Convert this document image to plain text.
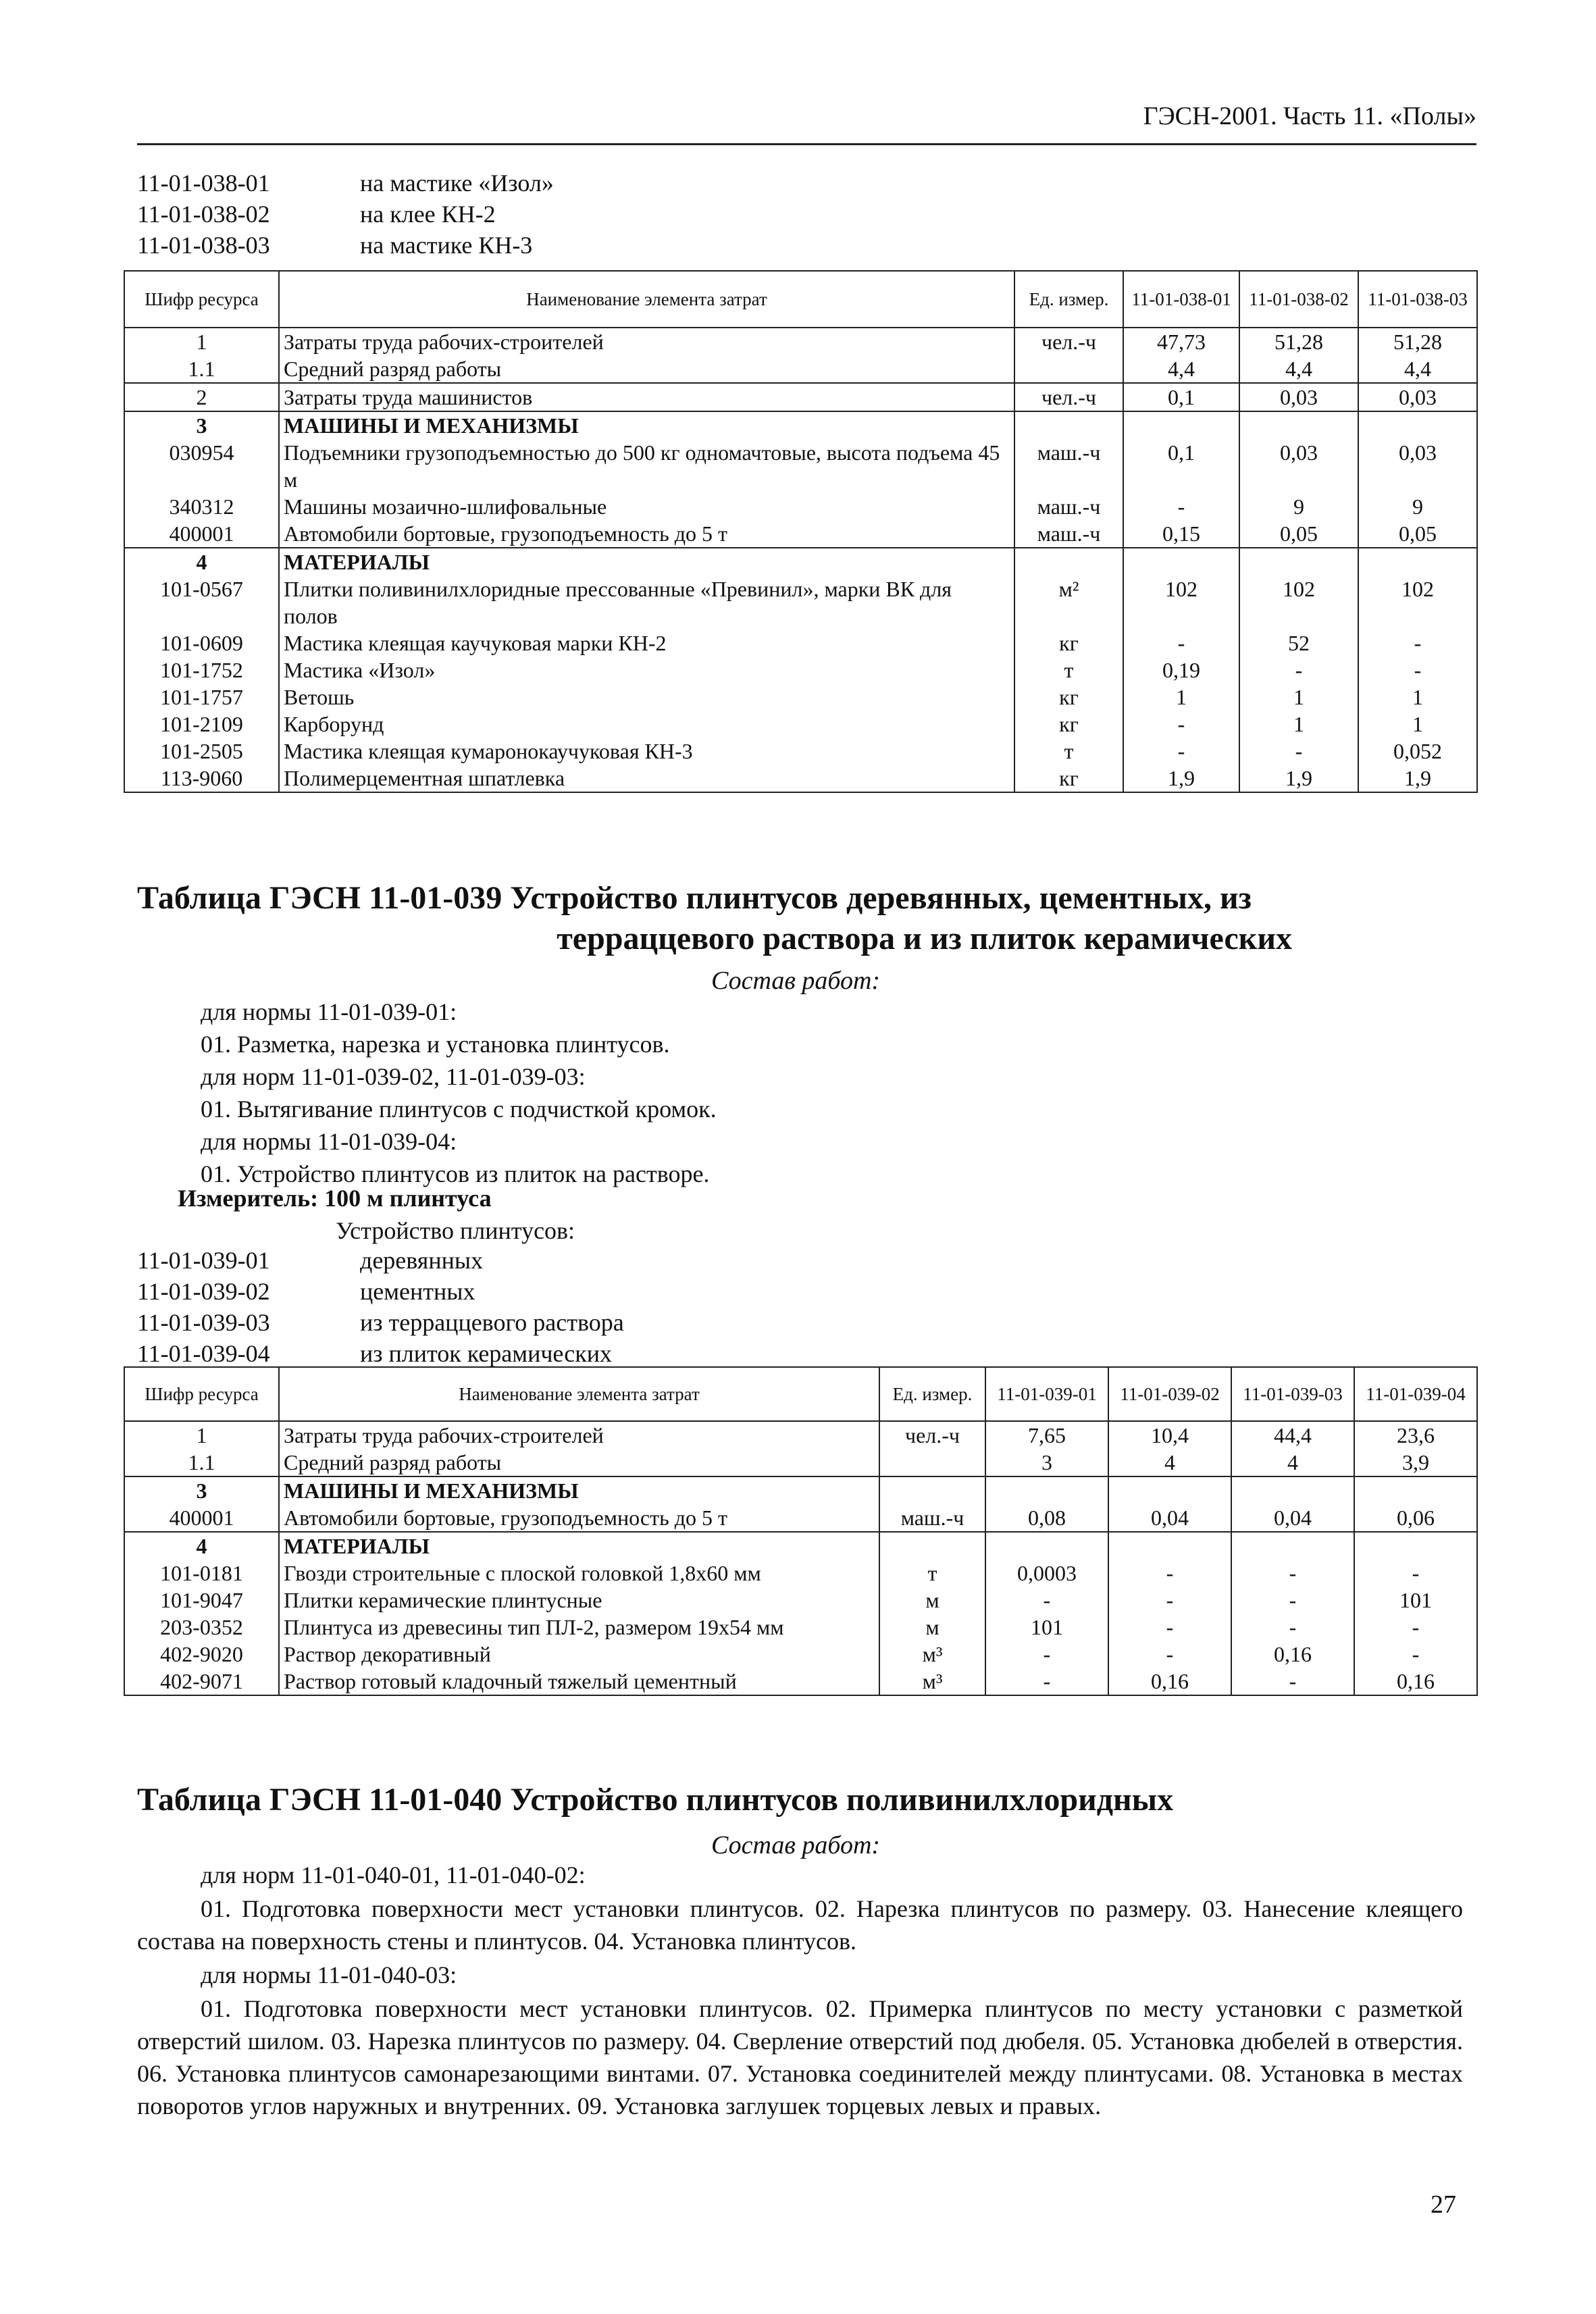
ГЭСН-2001. Часть 11. «Полы»
11-01-038-01	на мастике «Изол»
11-01-038-02	на клее КН-2
11-01-038-03	на мастике КН-3
Шифр ресурса	Наименование элемента затрат	Ед. измер.	11-01-038-01	11-01-038-02	11-01-038-03
1	Затраты труда рабочих-строителей	чел.-ч	47,73	51,28	51,28
1.1	Средний разряд работы		4,4	4,4	4,4
2	Затраты труда машинистов	чел.-ч	0,1	0,03	0,03
3	МАШИНЫ И МЕХАНИЗМЫ				
030954	Подъемники грузоподъемностью до 500 кг одномачтовые, высота подъема 45 м	маш.-ч	0,1	0,03	0,03
340312	Машины мозаично-шлифовальные	маш.-ч	-	9	9
400001	Автомобили бортовые, грузоподъемность до 5 т	маш.-ч	0,15	0,05	0,05
4	МАТЕРИАЛЫ				
101-0567	Плитки поливинилхлоридные прессованные «Превинил», марки ВК для полов	м²	102	102	102
101-0609	Мастика клеящая каучуковая марки КН-2	кг	-	52	-
101-1752	Мастика «Изол»	т	0,19	-	-
101-1757	Ветошь	кг	1	1	1
101-2109	Карборунд	кг	-	1	1
101-2505	Мастика клеящая кумаронокаучуковая КН-3	т	-	-	0,052
113-9060	Полимерцементная шпатлевка	кг	1,9	1,9	1,9
Таблица ГЭСН 11-01-039 Устройство плинтусов деревянных, цементных, из
терраццевого раствора и из плиток керамических
Состав работ:
для нормы 11-01-039-01:
01. Разметка, нарезка и установка плинтусов.
для норм 11-01-039-02, 11-01-039-03:
01. Вытягивание плинтусов с подчисткой кромок.
для нормы 11-01-039-04:
01. Устройство плинтусов из плиток на растворе.
Измеритель: 100 м плинтуса
Устройство плинтусов:
11-01-039-01	деревянных
11-01-039-02	цементных
11-01-039-03	из терраццевого раствора
11-01-039-04	из плиток керамических
Шифр ресурса	Наименование элемента затрат	Ед. измер.	11-01-039-01	11-01-039-02	11-01-039-03	11-01-039-04
1	Затраты труда рабочих-строителей	чел.-ч	7,65	10,4	44,4	23,6
1.1	Средний разряд работы		3	4	4	3,9
3	МАШИНЫ И МЕХАНИЗМЫ					
400001	Автомобили бортовые, грузоподъемность до 5 т	маш.-ч	0,08	0,04	0,04	0,06
4	МАТЕРИАЛЫ					
101-0181	Гвозди строительные с плоской головкой 1,8x60 мм	т	0,0003	-	-	-
101-9047	Плитки керамические плинтусные	м	-	-	-	101
203-0352	Плинтуса из древесины тип ПЛ-2, размером 19x54 мм	м	101	-	-	-
402-9020	Раствор декоративный	м³	-	-	0,16	-
402-9071	Раствор готовый кладочный тяжелый цементный	м³	-	0,16	-	0,16
Таблица ГЭСН 11-01-040 Устройство плинтусов поливинилхлоридных
Состав работ:
для норм 11-01-040-01, 11-01-040-02:
01. Подготовка поверхности мест установки плинтусов. 02. Нарезка плинтусов по размеру. 03. Нанесение клеящего состава на поверхность стены и плинтусов. 04. Установка плинтусов.
для нормы 11-01-040-03:
01. Подготовка поверхности мест установки плинтусов. 02. Примерка плинтусов по месту установки с разметкой отверстий шилом. 03. Нарезка плинтусов по размеру. 04. Сверление отверстий под дюбеля. 05. Установка дюбелей в отверстия. 06. Установка плинтусов самонарезающими винтами. 07. Установка соединителей между плинтусами. 08. Установка в местах поворотов углов наружных и внутренних. 09. Установка заглушек торцевых левых и правых.
27
